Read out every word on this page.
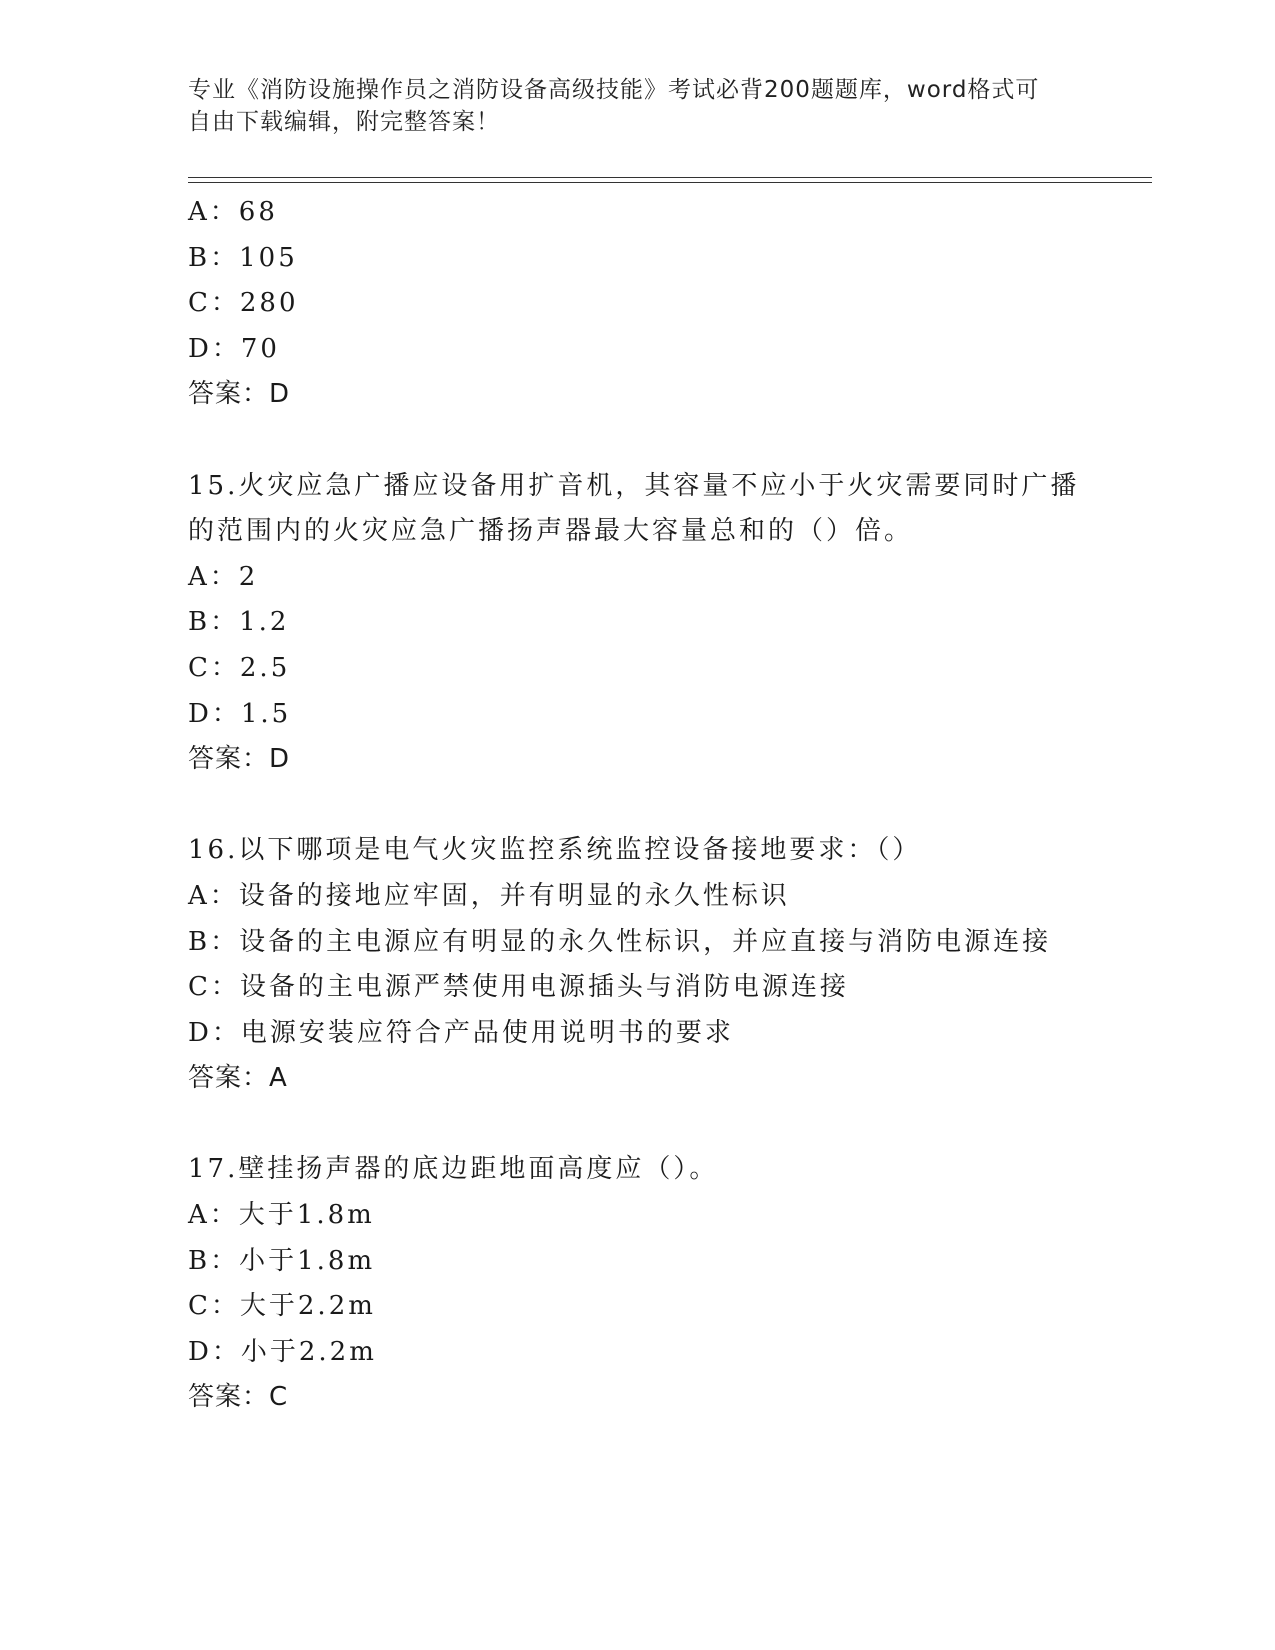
专业《消防设施操作员之消防设备高级技能》考试必背200题题库，word格式可
自由下载编辑，附完整答案！
A：68
B：105
C：280
D：70
答案：D
15.火灾应急广播应设备用扩音机，其容量不应小于火灾需要同时广播
的范围内的火灾应急广播扬声器最大容量总和的（）倍。
A：2
B：1.2
C：2.5
D：1.5
答案：D
16.以下哪项是电气火灾监控系统监控设备接地要求：（）
A：设备的接地应牢固，并有明显的永久性标识
B：设备的主电源应有明显的永久性标识，并应直接与消防电源连接
C：设备的主电源严禁使用电源插头与消防电源连接
D：电源安装应符合产品使用说明书的要求
答案：A
17.壁挂扬声器的底边距地面高度应（）。
A：大于1.8m
B：小于1.8m
C：大于2.2m
D：小于2.2m
答案：C
